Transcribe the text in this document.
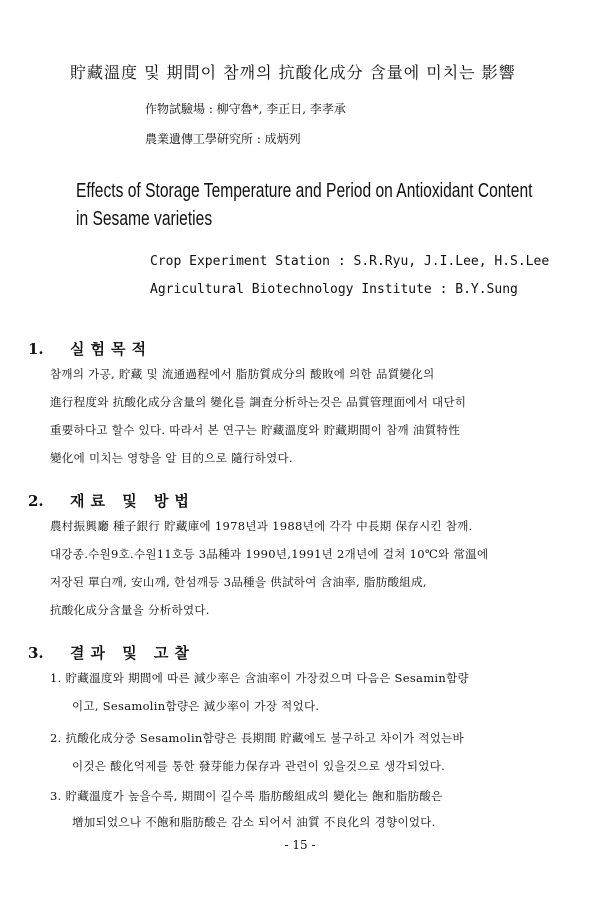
貯藏溫度 및 期間이 참깨의 抗酸化成分 含量에 미치는 影響
作物試驗場 : 柳守魯*, 李正日, 李孝承
農業遺傳工學硏究所 : 成炳列
Effects of Storage Temperature and Period on Antioxidant Content
in Sesame varieties
Crop Experiment Station : S.R.Ryu, J.I.Lee, H.S.Lee
Agricultural Biotechnology Institute : B.Y.Sung
1. 실험목적
참깨의 가공, 貯藏 및 流通過程에서 脂肪質成分의 酸敗에 의한 品質變化의
進行程度와 抗酸化成分含量의 變化를 調査分析하는것은 品質管理面에서 대단히
重要하다고 할수 있다. 따라서 본 연구는 貯藏溫度와 貯藏期間이 참깨 油質特性
變化에 미치는 영향을 알 目的으로 隨行하였다.
2. 재료 및 방법
農村振興廳 種子銀行 貯藏庫에 1978년과 1988년에 각각 中長期 保存시킨 참깨.
대강종.수원9호.수원11호등 3品種과 1990년,1991년 2개년에 걸쳐 10℃와 常溫에
저장된 單白깨, 安山깨, 한섬깨등 3品種을 供試하여 含油率, 脂肪酸組成,
抗酸化成分含量을 分析하였다.
3. 결과 및 고찰
1. 貯藏溫度와 期間에 따른 減少率은 含油率이 가장컸으며 다음은 Sesamin함량
이고, Sesamolin함량은 減少率이 가장 적었다.
2. 抗酸化成分중 Sesamolin함량은 長期間 貯藏에도 불구하고 차이가 적었는바
이것은 酸化억제를 통한 發芽能力保存과 관련이 있을것으로 생각되었다.
3. 貯藏溫度가 높을수록, 期間이 길수록 脂肪酸組成의 變化는 飽和脂肪酸은
增加되었으나 不飽和脂肪酸은 감소 되어서 油質 不良化의 경향이었다.
- 15 -
